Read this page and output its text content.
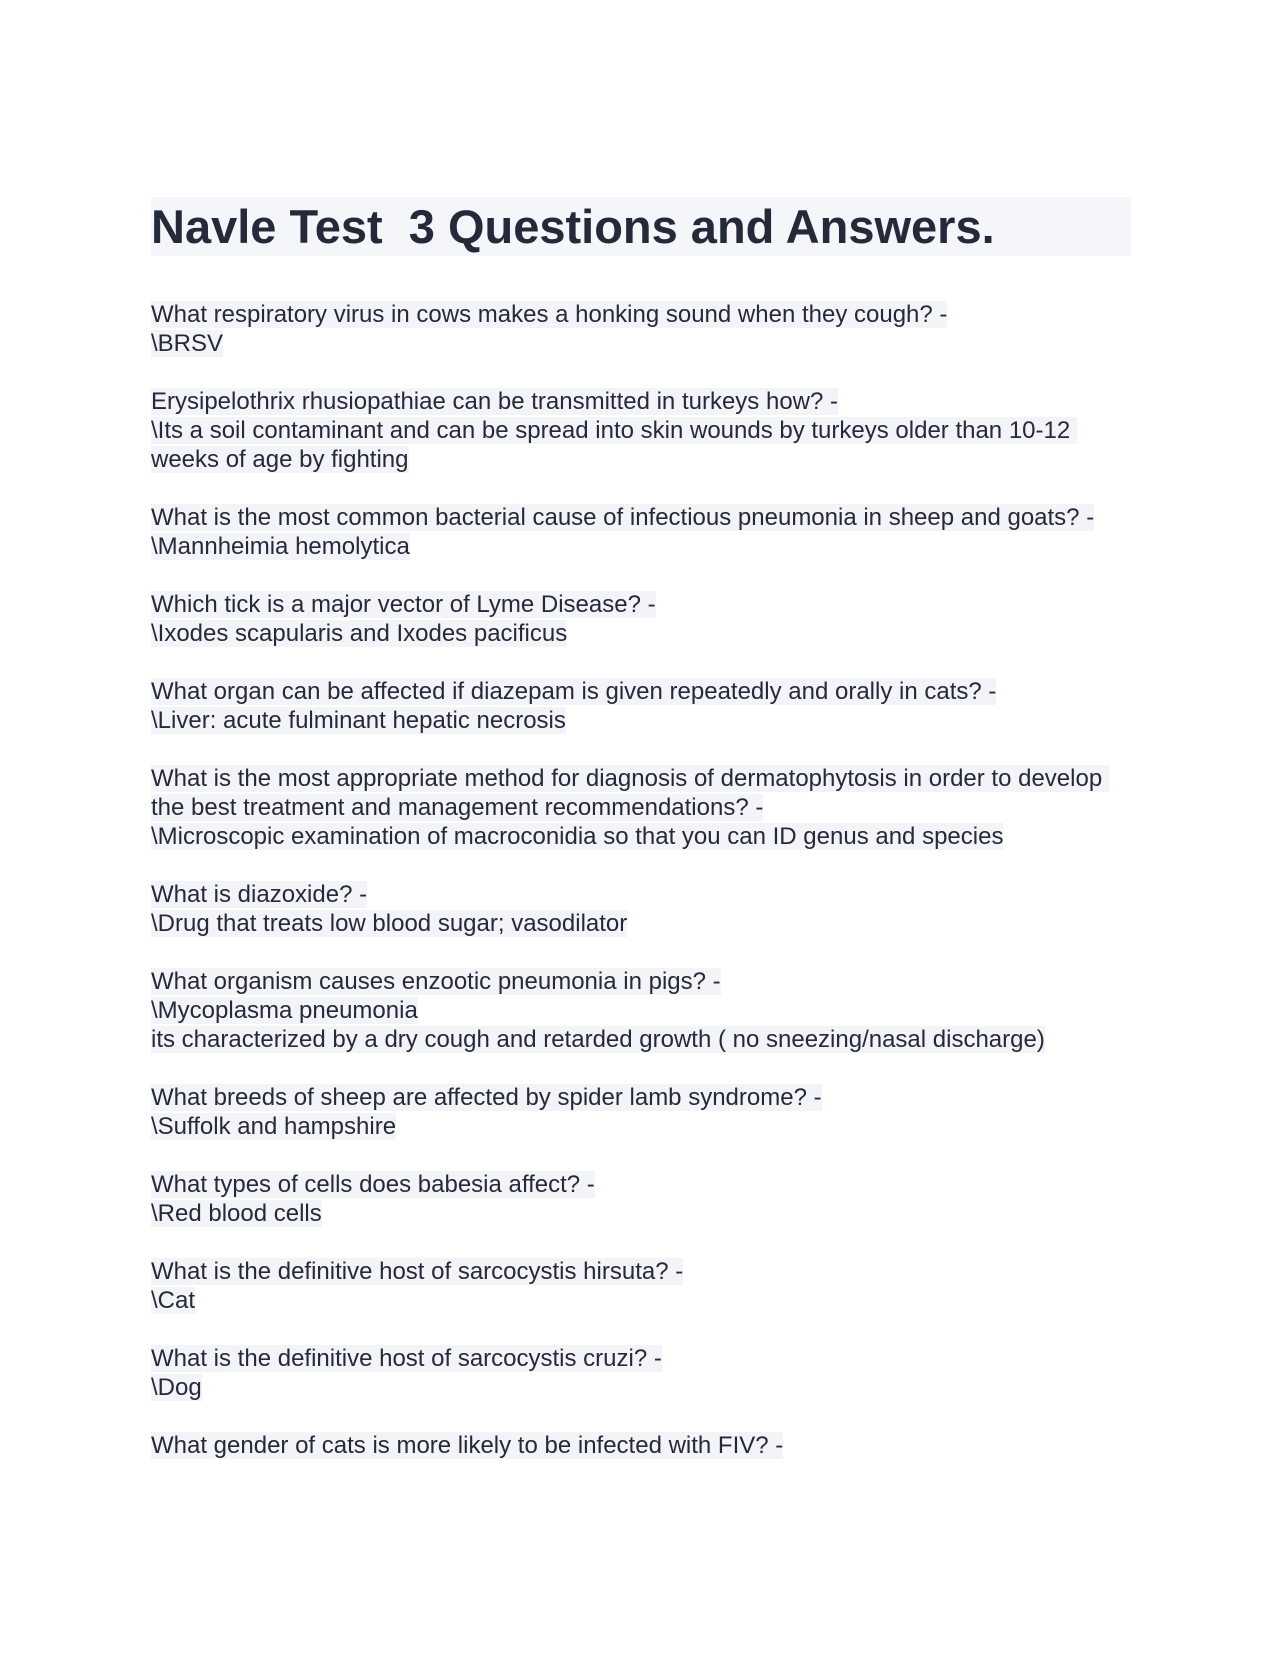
Navle Test  3 Questions and Answers.
What respiratory virus in cows makes a honking sound when they cough? -
\BRSV
Erysipelothrix rhusiopathiae can be transmitted in turkeys how? -
\Its a soil contaminant and can be spread into skin wounds by turkeys older than 10-12 weeks of age by fighting
What is the most common bacterial cause of infectious pneumonia in sheep and goats? -
\Mannheimia hemolytica
Which tick is a major vector of Lyme Disease? -
\Ixodes scapularis and Ixodes pacificus
What organ can be affected if diazepam is given repeatedly and orally in cats? -
\Liver: acute fulminant hepatic necrosis
What is the most appropriate method for diagnosis of dermatophytosis in order to develop the best treatment and management recommendations? -
\Microscopic examination of macroconidia so that you can ID genus and species
What is diazoxide? -
\Drug that treats low blood sugar; vasodilator
What organism causes enzootic pneumonia in pigs? -
\Mycoplasma pneumonia
its characterized by a dry cough and retarded growth ( no sneezing/nasal discharge)
What breeds of sheep are affected by spider lamb syndrome? -
\Suffolk and hampshire
What types of cells does babesia affect? -
\Red blood cells
What is the definitive host of sarcocystis hirsuta? -
\Cat
What is the definitive host of sarcocystis cruzi? -
\Dog
What gender of cats is more likely to be infected with FIV? -
